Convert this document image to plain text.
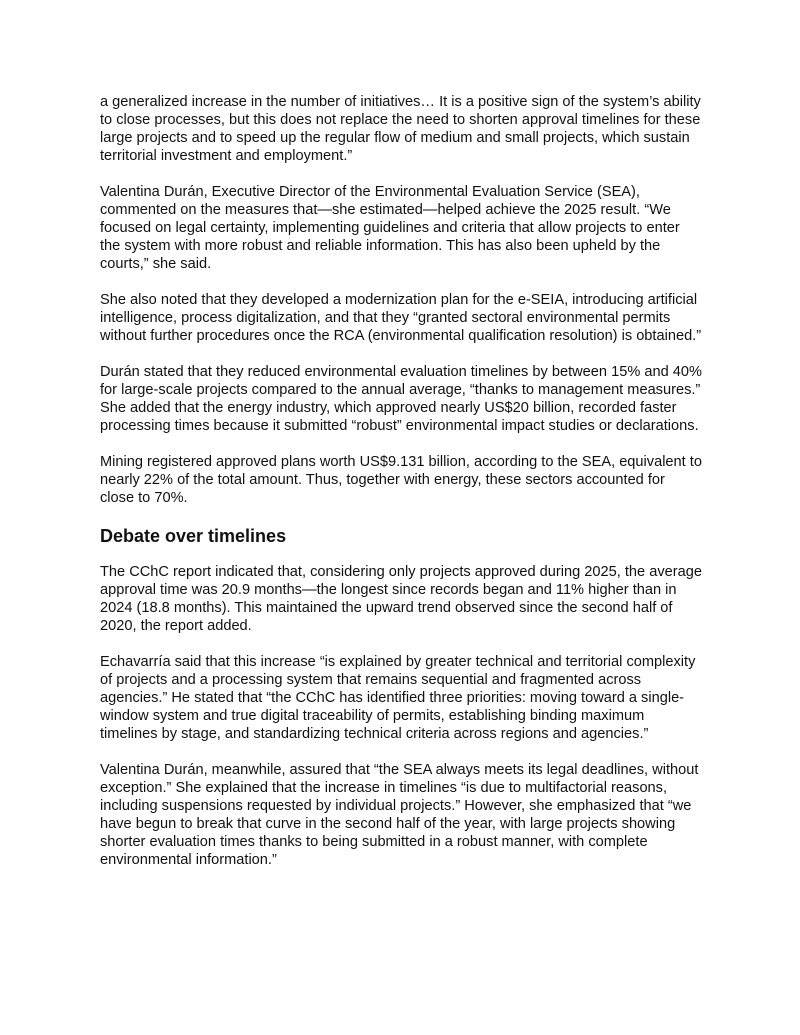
a generalized increase in the number of initiatives… It is a positive sign of the system’s ability to close processes, but this does not replace the need to shorten approval timelines for these large projects and to speed up the regular flow of medium and small projects, which sustain territorial investment and employment.”

Valentina Durán, Executive Director of the Environmental Evaluation Service (SEA), commented on the measures that—she estimated—helped achieve the 2025 result. “We focused on legal certainty, implementing guidelines and criteria that allow projects to enter the system with more robust and reliable information. This has also been upheld by the courts,” she said.

She also noted that they developed a modernization plan for the e-SEIA, introducing artificial intelligence, process digitalization, and that they “granted sectoral environmental permits without further procedures once the RCA (environmental qualification resolution) is obtained.”

Durán stated that they reduced environmental evaluation timelines by between 15% and 40% for large-scale projects compared to the annual average, “thanks to management measures.” She added that the energy industry, which approved nearly US$20 billion, recorded faster processing times because it submitted “robust” environmental impact studies or declarations.

Mining registered approved plans worth US$9.131 billion, according to the SEA, equivalent to nearly 22% of the total amount. Thus, together with energy, these sectors accounted for close to 70%.

Debate over timelines

The CChC report indicated that, considering only projects approved during 2025, the average approval time was 20.9 months—the longest since records began and 11% higher than in 2024 (18.8 months). This maintained the upward trend observed since the second half of 2020, the report added.

Echavarría said that this increase “is explained by greater technical and territorial complexity of projects and a processing system that remains sequential and fragmented across agencies.” He stated that “the CChC has identified three priorities: moving toward a single-window system and true digital traceability of permits, establishing binding maximum timelines by stage, and standardizing technical criteria across regions and agencies.”

Valentina Durán, meanwhile, assured that “the SEA always meets its legal deadlines, without exception.” She explained that the increase in timelines “is due to multifactorial reasons, including suspensions requested by individual projects.” However, she emphasized that “we have begun to break that curve in the second half of the year, with large projects showing shorter evaluation times thanks to being submitted in a robust manner, with complete environmental information.”
